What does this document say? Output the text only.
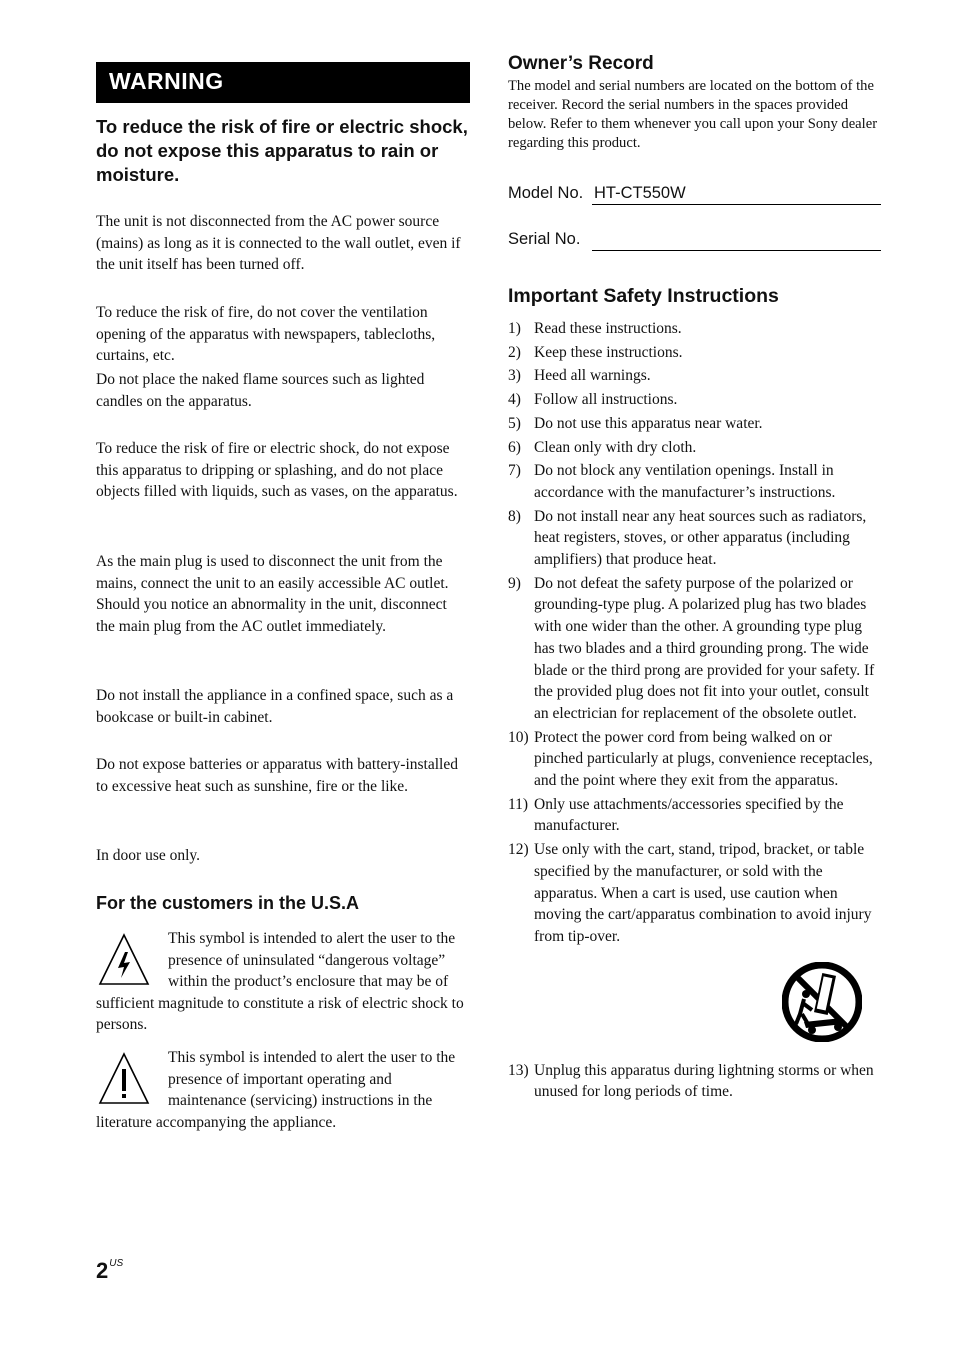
WARNING
To reduce the risk of fire or electric shock, do not expose this apparatus to rain or moisture.

The unit is not disconnected from the AC power source (mains) as long as it is connected to the wall outlet, even if the unit itself has been turned off.

To reduce the risk of fire, do not cover the ventilation opening of the apparatus with newspapers, tablecloths, curtains, etc.

Do not place the naked flame sources such as lighted candles on the apparatus.

To reduce the risk of fire or electric shock, do not expose this apparatus to dripping or splashing, and do not place objects filled with liquids, such as vases, on the apparatus.

As the main plug is used to disconnect the unit from the mains, connect the unit to an easily accessible AC outlet. Should you notice an abnormality in the unit, disconnect the main plug from the AC outlet immediately.

Do not install the appliance in a confined space, such as a bookcase or built-in cabinet.

Do not expose batteries or apparatus with battery-installed to excessive heat such as sunshine, fire or the like.

In door use only.

For the customers in the U.S.A

This symbol is intended to alert the user to the presence of uninsulated “dangerous voltage” within the product’s enclosure that may be of sufficient magnitude to constitute a risk of electric shock to persons.

This symbol is intended to alert the user to the presence of important operating and maintenance (servicing) instructions in the literature accompanying the appliance.

Owner’s Record

The model and serial numbers are located on the bottom of the receiver. Record the serial numbers in the spaces provided below. Refer to them whenever you call upon your Sony dealer regarding this product.

Model No. HT-CT550W
Serial No.
Important Safety Instructions
1) Read these instructions.
2) Keep these instructions.
3) Heed all warnings.
4) Follow all instructions.
5) Do not use this apparatus near water.
6) Clean only with dry cloth.
7) Do not block any ventilation openings. Install in accordance with the manufacturer’s instructions.
8) Do not install near any heat sources such as radiators, heat registers, stoves, or other apparatus (including amplifiers) that produce heat.
9) Do not defeat the safety purpose of the polarized or grounding-type plug. A polarized plug has two blades with one wider than the other. A grounding type plug has two blades and a third grounding prong. The wide blade or the third prong are provided for your safety. If the provided plug does not fit into your outlet, consult an electrician for replacement of the obsolete outlet.
10) Protect the power cord from being walked on or pinched particularly at plugs, convenience receptacles, and the point where they exit from the apparatus.
11) Only use attachments/accessories specified by the manufacturer.
12) Use only with the cart, stand, tripod, bracket, or table specified by the manufacturer, or sold with the apparatus. When a cart is used, use caution when moving the cart/apparatus combination to avoid injury from tip-over.
13) Unplug this apparatus during lightning storms or when unused for long periods of time.
$2^{US}$
